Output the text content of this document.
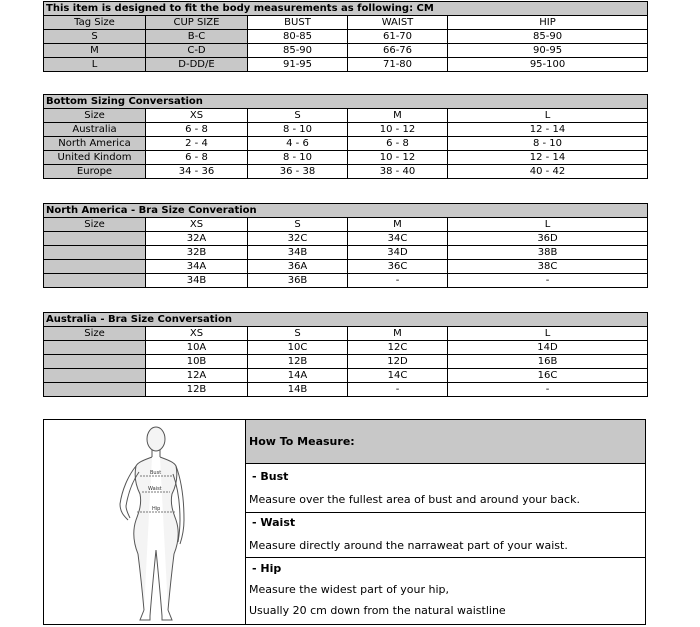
This item is designed to fit the body measurements as following: CM				
Tag Size	CUP SIZE	BUST	WAIST	HIP
S	B-C	80-85	61-70	85-90
M	C-D	85-90	66-76	90-95
L	D-DD/E	91-95	71-80	95-100
Bottom Sizing Conversation				
Size	XS	S	M	L
Australia	6 - 8	8 - 10	10 - 12	12 - 14
North America	2 - 4	4 - 6	6 - 8	8 - 10
United Kindom	6 - 8	8 - 10	10 - 12	12 - 14
Europe	34 - 36	36 - 38	38 - 40	40 - 42
North America - Bra Size Converation				
Size	XS	S	M	L
	32A	32C	34C	36D
	32B	34B	34D	38B
	34A	36A	36C	38C
	34B	36B	-	-
Australia - Bra Size Conversation				
Size	XS	S	M	L
	10A	10C	12C	14D
	10B	12B	12D	16B
	12A	14A	14C	16C
	12B	14B	-	-
Bust
Waist
Hip
How To Measure:
- Bust
Measure over the fullest area of bust and around your back.
- Waist
Measure directly around the narraweat part of your waist.
- Hip
Measure the widest part of your hip,
Usually 20 cm down from the natural waistline
